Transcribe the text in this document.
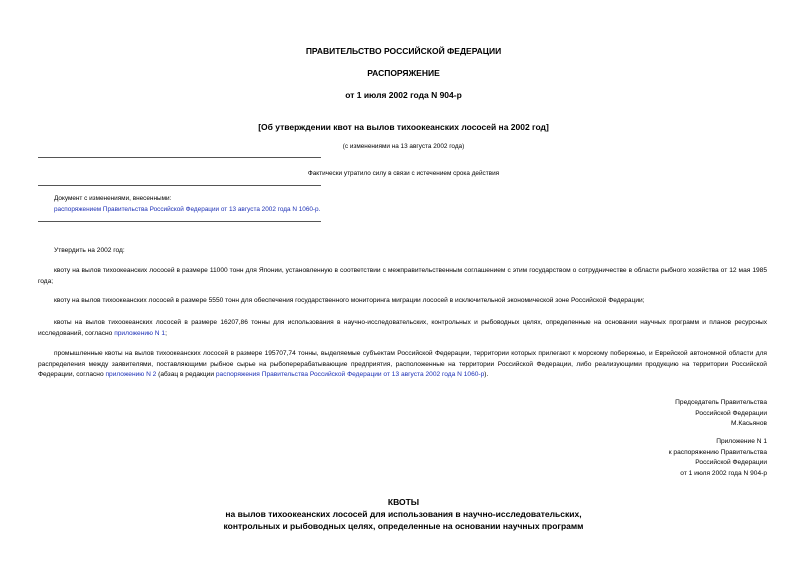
ПРАВИТЕЛЬСТВО РОССИЙСКОЙ ФЕДЕРАЦИИ
РАСПОРЯЖЕНИЕ
от 1 июля 2002 года N 904-р
[Об утверждении квот на вылов тихоокеанских лососей на 2002 год]
(с изменениями на 13 августа 2002 года)
Фактически утратило силу в связи с истечением срока действия
Документ с изменениями, внесенными:
распоряжением Правительства Российской Федерации от 13 августа 2002 года N 1060-р.
Утвердить на 2002 год:
квоту на вылов тихоокеанских лососей в размере 11000 тонн для Японии, установленную в соответствии с межправительственным соглашением с этим государством о сотрудничестве в области рыбного хозяйства от 12 мая 1985 года;
квоту на вылов тихоокеанских лососей в размере 5550 тонн для обеспечения государственного мониторинга миграции лососей в исключительной экономической зоне Российской Федерации;
квоты на вылов тихоокеанских лососей в размере 16207,86 тонны для использования в научно-исследовательских, контрольных и рыбоводных целях, определенные на основании научных программ и планов ресурсных исследований, согласно приложению N 1;
промышленные квоты на вылов тихоокеанских лососей в размере 195707,74 тонны, выделяемые субъектам Российской Федерации, территории которых прилегают к морскому побережью, и Еврейской автономной области для распределения между заявителями, поставляющими рыбное сырье на рыбоперерабатывающие предприятия, расположенные на территории Российской Федерации, либо реализующими продукцию на территории Российской Федерации, согласно приложению N 2 (абзац в редакции распоряжения Правительства Российской Федерации от 13 августа 2002 года N 1060-р).
Председатель Правительства
Российской Федерации
М.Касьянов
Приложение N 1
к распоряжению Правительства
Российской Федерации
от 1 июля 2002 года N 904-р
КВОТЫ
на вылов тихоокеанских лососей для использования в научно-исследовательских,
контрольных и рыбоводных целях, определенные на основании научных программ
